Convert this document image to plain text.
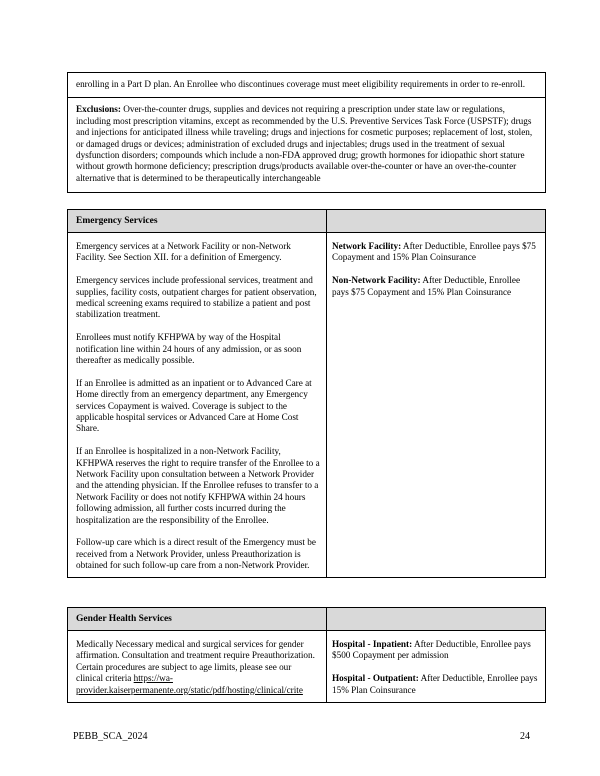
enrolling in a Part D plan. An Enrollee who discontinues coverage must meet eligibility requirements in order to re-enroll.

Exclusions: Over-the-counter drugs, supplies and devices not requiring a prescription under state law or regulations, including most prescription vitamins, except as recommended by the U.S. Preventive Services Task Force (USPSTF); drugs and injections for anticipated illness while traveling; drugs and injections for cosmetic purposes; replacement of lost, stolen, or damaged drugs or devices; administration of excluded drugs and injectables; drugs used in the treatment of sexual dysfunction disorders; compounds which include a non-FDA approved drug; growth hormones for idiopathic short stature without growth hormone deficiency; prescription drugs/products available over-the-counter or have an over-the-counter alternative that is determined to be therapeutically interchangeable

Emergency Services

Emergency services at a Network Facility or non-Network Facility. See Section XII. for a definition of Emergency.

Emergency services include professional services, treatment and supplies, facility costs, outpatient charges for patient observation, medical screening exams required to stabilize a patient and post stabilization treatment.

Enrollees must notify KFHPWA by way of the Hospital notification line within 24 hours of any admission, or as soon thereafter as medically possible.

If an Enrollee is admitted as an inpatient or to Advanced Care at Home directly from an emergency department, any Emergency services Copayment is waived. Coverage is subject to the applicable hospital services or Advanced Care at Home Cost Share.

If an Enrollee is hospitalized in a non-Network Facility, KFHPWA reserves the right to require transfer of the Enrollee to a Network Facility upon consultation between a Network Provider and the attending physician. If the Enrollee refuses to transfer to a Network Facility or does not notify KFHPWA within 24 hours following admission, all further costs incurred during the hospitalization are the responsibility of the Enrollee.

Follow-up care which is a direct result of the Emergency must be received from a Network Provider, unless Preauthorization is obtained for such follow-up care from a non-Network Provider.

Network Facility: After Deductible, Enrollee pays $75 Copayment and 15% Plan Coinsurance

Non-Network Facility: After Deductible, Enrollee pays $75 Copayment and 15% Plan Coinsurance

Gender Health Services

Medically Necessary medical and surgical services for gender affirmation. Consultation and treatment require Preauthorization. Certain procedures are subject to age limits, please see our clinical criteria https://wa-
provider.kaiserpermanente.org/static/pdf/hosting/clinical/crite

Hospital - Inpatient: After Deductible, Enrollee pays $500 Copayment per admission

Hospital - Outpatient: After Deductible, Enrollee pays 15% Plan Coinsurance

PEBB_SCA_2024	24
